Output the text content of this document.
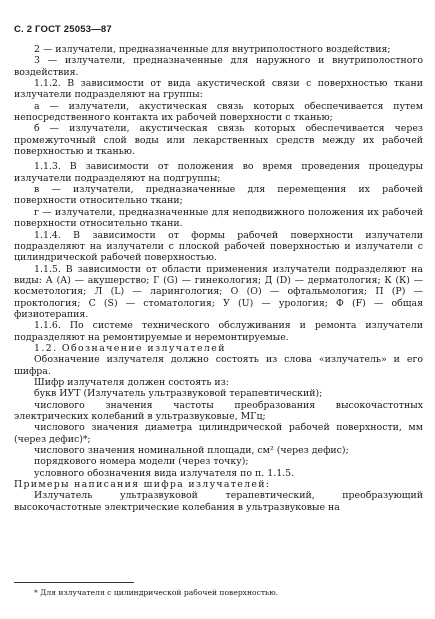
С. 2 ГОСТ 25053—87

2 — излучатели, предназначенные для внутриполостного воздействия;

3 — излучатели, предназначенные для наружного и внутриполостного воздействия.

1.1.2. В зависимости от вида акустической связи с поверхностью ткани излучатели подразделяют на группы:

а — излучатели, акустическая связь которых обеспечивается путем непосредственного контакта их рабочей поверхности с тканью;

б — излучатели, акустическая связь которых обеспечивается через промежуточный слой воды или лекарственных средств между их рабочей поверхностью и тканью.

1.1.3. В зависимости от положения во время проведения процедуры излучатели подразделяют на подгруппы;

в — излучатели, предназначенные для перемещения их рабочей поверхности относительно ткани;

г — излучатели, предназначенные для неподвижного положения их рабочей поверхности относительно ткани.

1.1.4. В зависимости от формы рабочей поверхности излучатели подразделяют на излучатели с плоской рабочей поверхностью и излучатели с цилиндрической рабочей поверхностью.

1.1.5. В зависимости от области применения излучатели подразделяют на виды: А (А) — акушерство; Г (G) — гинекология; Д (D) — дерматология; К (К) — косметология; Л (L) — ларингология; О (О) — офтальмология; П (Р) — проктология; С (S) — стоматология; У (U) — урология; Ф (F) — общая физиотерапия.

1.1.6. По системе технического обслуживания и ремонта излучатели подразделяют на ремонтируемые и неремонтируемые.

1.2. Обозначение излучателей

Обозначение излучателя должно состоять из слова «излучатель» и его шифра.

Шифр излучателя должен состоять из:

букв ИУТ (Излучатель ультразвуковой терапевтический);

числового значения частоты преобразования высокочастотных электрических колебаний в ультразвуковые, МГц;

числового значения диаметра цилиндрической рабочей поверхности, мм (через дефис)*;

числового значения номинальной площади, см² (через дефис);

порядкового номера модели (через точку);

условного обозначения вида излучателя по п. 1.1.5.

Примеры написания шифра излучателей:

Излучатель ультразвуковой терапевтический, преобразующий высокочастотные электрические колебания в ультразвуковые на

* Для излучателя с цилиндрической рабочей поверхностью.
